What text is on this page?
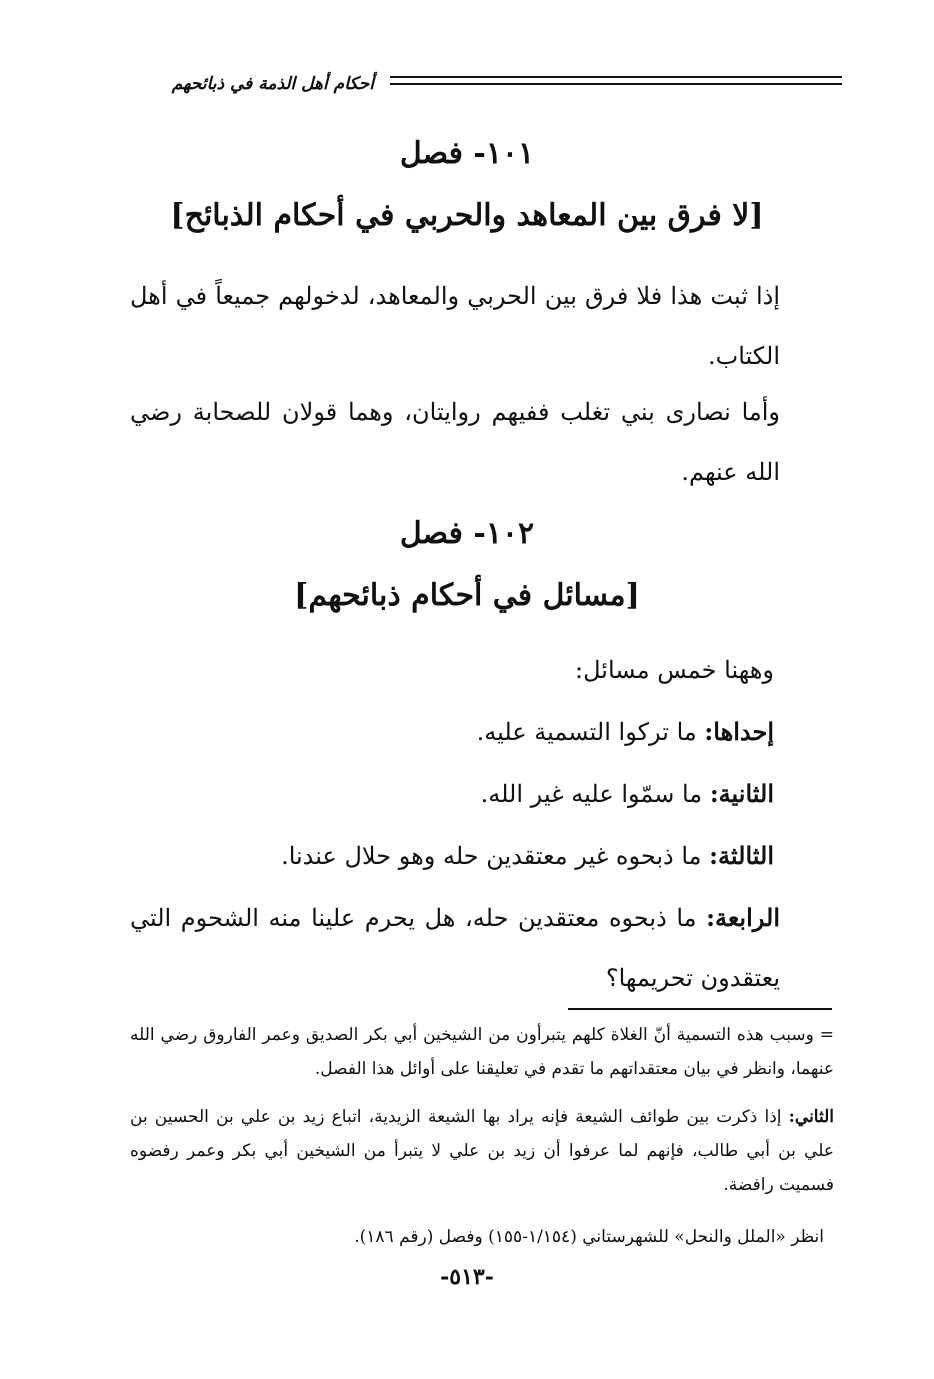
أحكام أهل الذمة في ذبائحهم
١٠١- فصل
[لا فرق بين المعاهد والحربي في أحكام الذبائح]
إذا ثبت هذا فلا فرق بين الحربي والمعاهد، لدخولهم جميعاً في أهل الكتاب.
وأما نصارى بني تغلب ففيهم روايتان، وهما قولان للصحابة رضي الله عنهم.
١٠٢- فصل
[مسائل في أحكام ذبائحهم]
وههنا خمس مسائل:
إحداها: ما تركوا التسمية عليه.
الثانية: ما سمّوا عليه غير الله.
الثالثة: ما ذبحوه غير معتقدين حله وهو حلال عندنا.
الرابعة: ما ذبحوه معتقدين حله، هل يحرم علينا منه الشحوم التي يعتقدون تحريمها؟
= وسبب هذه التسمية أنّ الغلاة كلهم يتبرأون من الشيخين أبي بكر الصديق وعمر الفاروق رضي الله عنهما، وانظر في بيان معتقداتهم ما تقدم في تعليقنا على أوائل هذا الفصل.
الثاني: إذا ذكرت بين طوائف الشيعة فإنه يراد بها الشيعة الزيدية، اتباع زيد بن علي بن الحسين بن علي بن أبي طالب، فإنهم لما عرفوا أن زيد بن علي لا يتبرأ من الشيخين أبي بكر وعمر رفضوه فسميت رافضة.
انظر «الملل والنحل» للشهرستاني (١/١٥٤-١٥٥) وفصل (رقم ١٨٦).
-٥١٣-
